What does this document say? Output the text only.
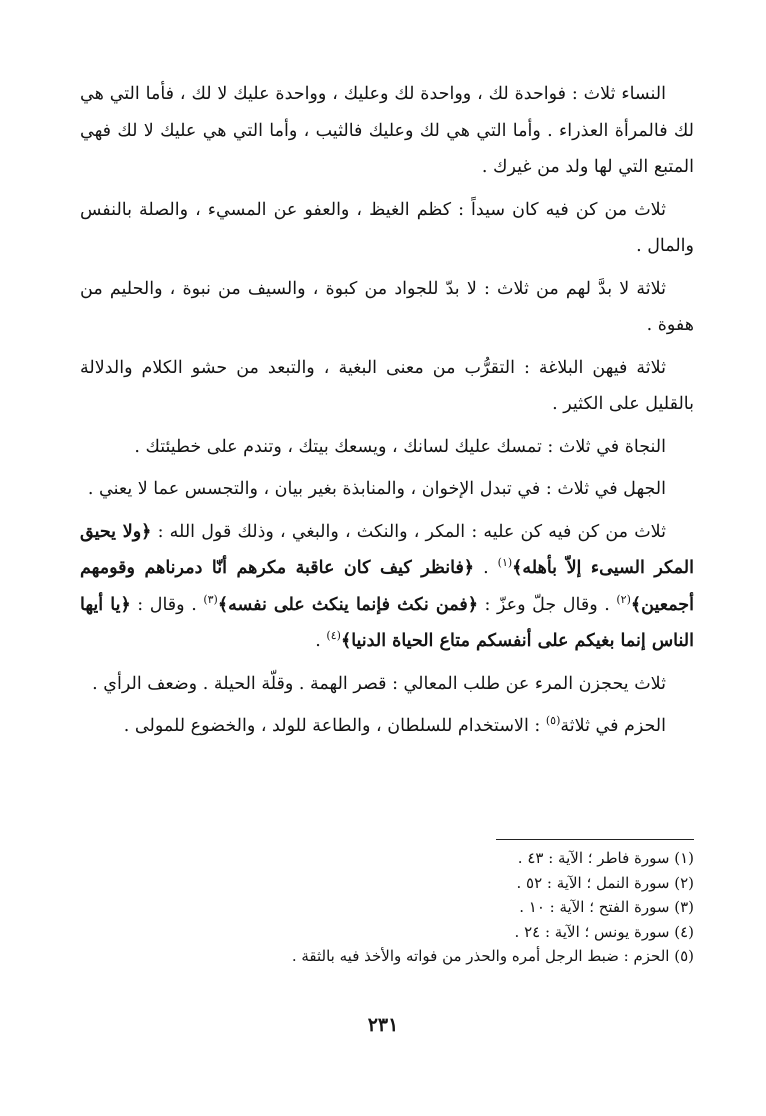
النساء ثلاث : فواحدة لك ، وواحدة لك وعليك ، وواحدة عليك لا لك ، فأما التي هي لك فالمرأة العذراء . وأما التي هي لك وعليك فالثيب ، وأما التي هي عليك لا لك فهي المتبع التي لها ولد من غيرك .

ثلاث من كن فيه كان سيداً : كظم الغيظ ، والعفو عن المسيء ، والصلة بالنفس والمال .

ثلاثة لا بدَّ لهم من ثلاث : لا بدّ للجواد من كبوة ، والسيف من نبوة ، والحليم من هفوة .

ثلاثة فيهن البلاغة : التقرُّب من معنى البغية ، والتبعد من حشو الكلام والدلالة بالقليل على الكثير .

النجاة في ثلاث : تمسك عليك لسانك ، ويسعك بيتك ، وتندم على خطيئتك .

الجهل في ثلاث : في تبدل الإخوان ، والمنابذة بغير بيان ، والتجسس عما لا يعني .

ثلاث من كن فيه كن عليه : المكر ، والنكث ، والبغي ، وذلك قول الله : ﴿ولا يحيق المكر السيىء إلاّ بأهله﴾$^{(١)}$ . ﴿فانظر كيف كان عاقبة مكرهم أنّا دمرناهم وقومهم أجمعين﴾$^{(٢)}$ . وقال جلّ وعزّ : ﴿فمن نكث فإنما ينكث على نفسه﴾$^{(٣)}$ . وقال : ﴿يا أيها الناس إنما بغيكم على أنفسكم متاع الحياة الدنيا﴾$^{(٤)}$ .

ثلاث يحجزن المرء عن طلب المعالي : قصر الهمة . وقلّة الحيلة . وضعف الرأي .

الحزم في ثلاثة$^{(٥)}$ : الاستخدام للسلطان ، والطاعة للولد ، والخضوع للمولى .

(١) سورة فاطر ؛ الآية : ٤٣ .
(٢) سورة النمل ؛ الآية : ٥٢ .
(٣) سورة الفتح ؛ الآية : ١٠ .
(٤) سورة يونس ؛ الآية : ٢٤ .
(٥) الحزم : ضبط الرجل أمره والحذر من فواته والأخذ فيه بالثقة .
٢٣١
